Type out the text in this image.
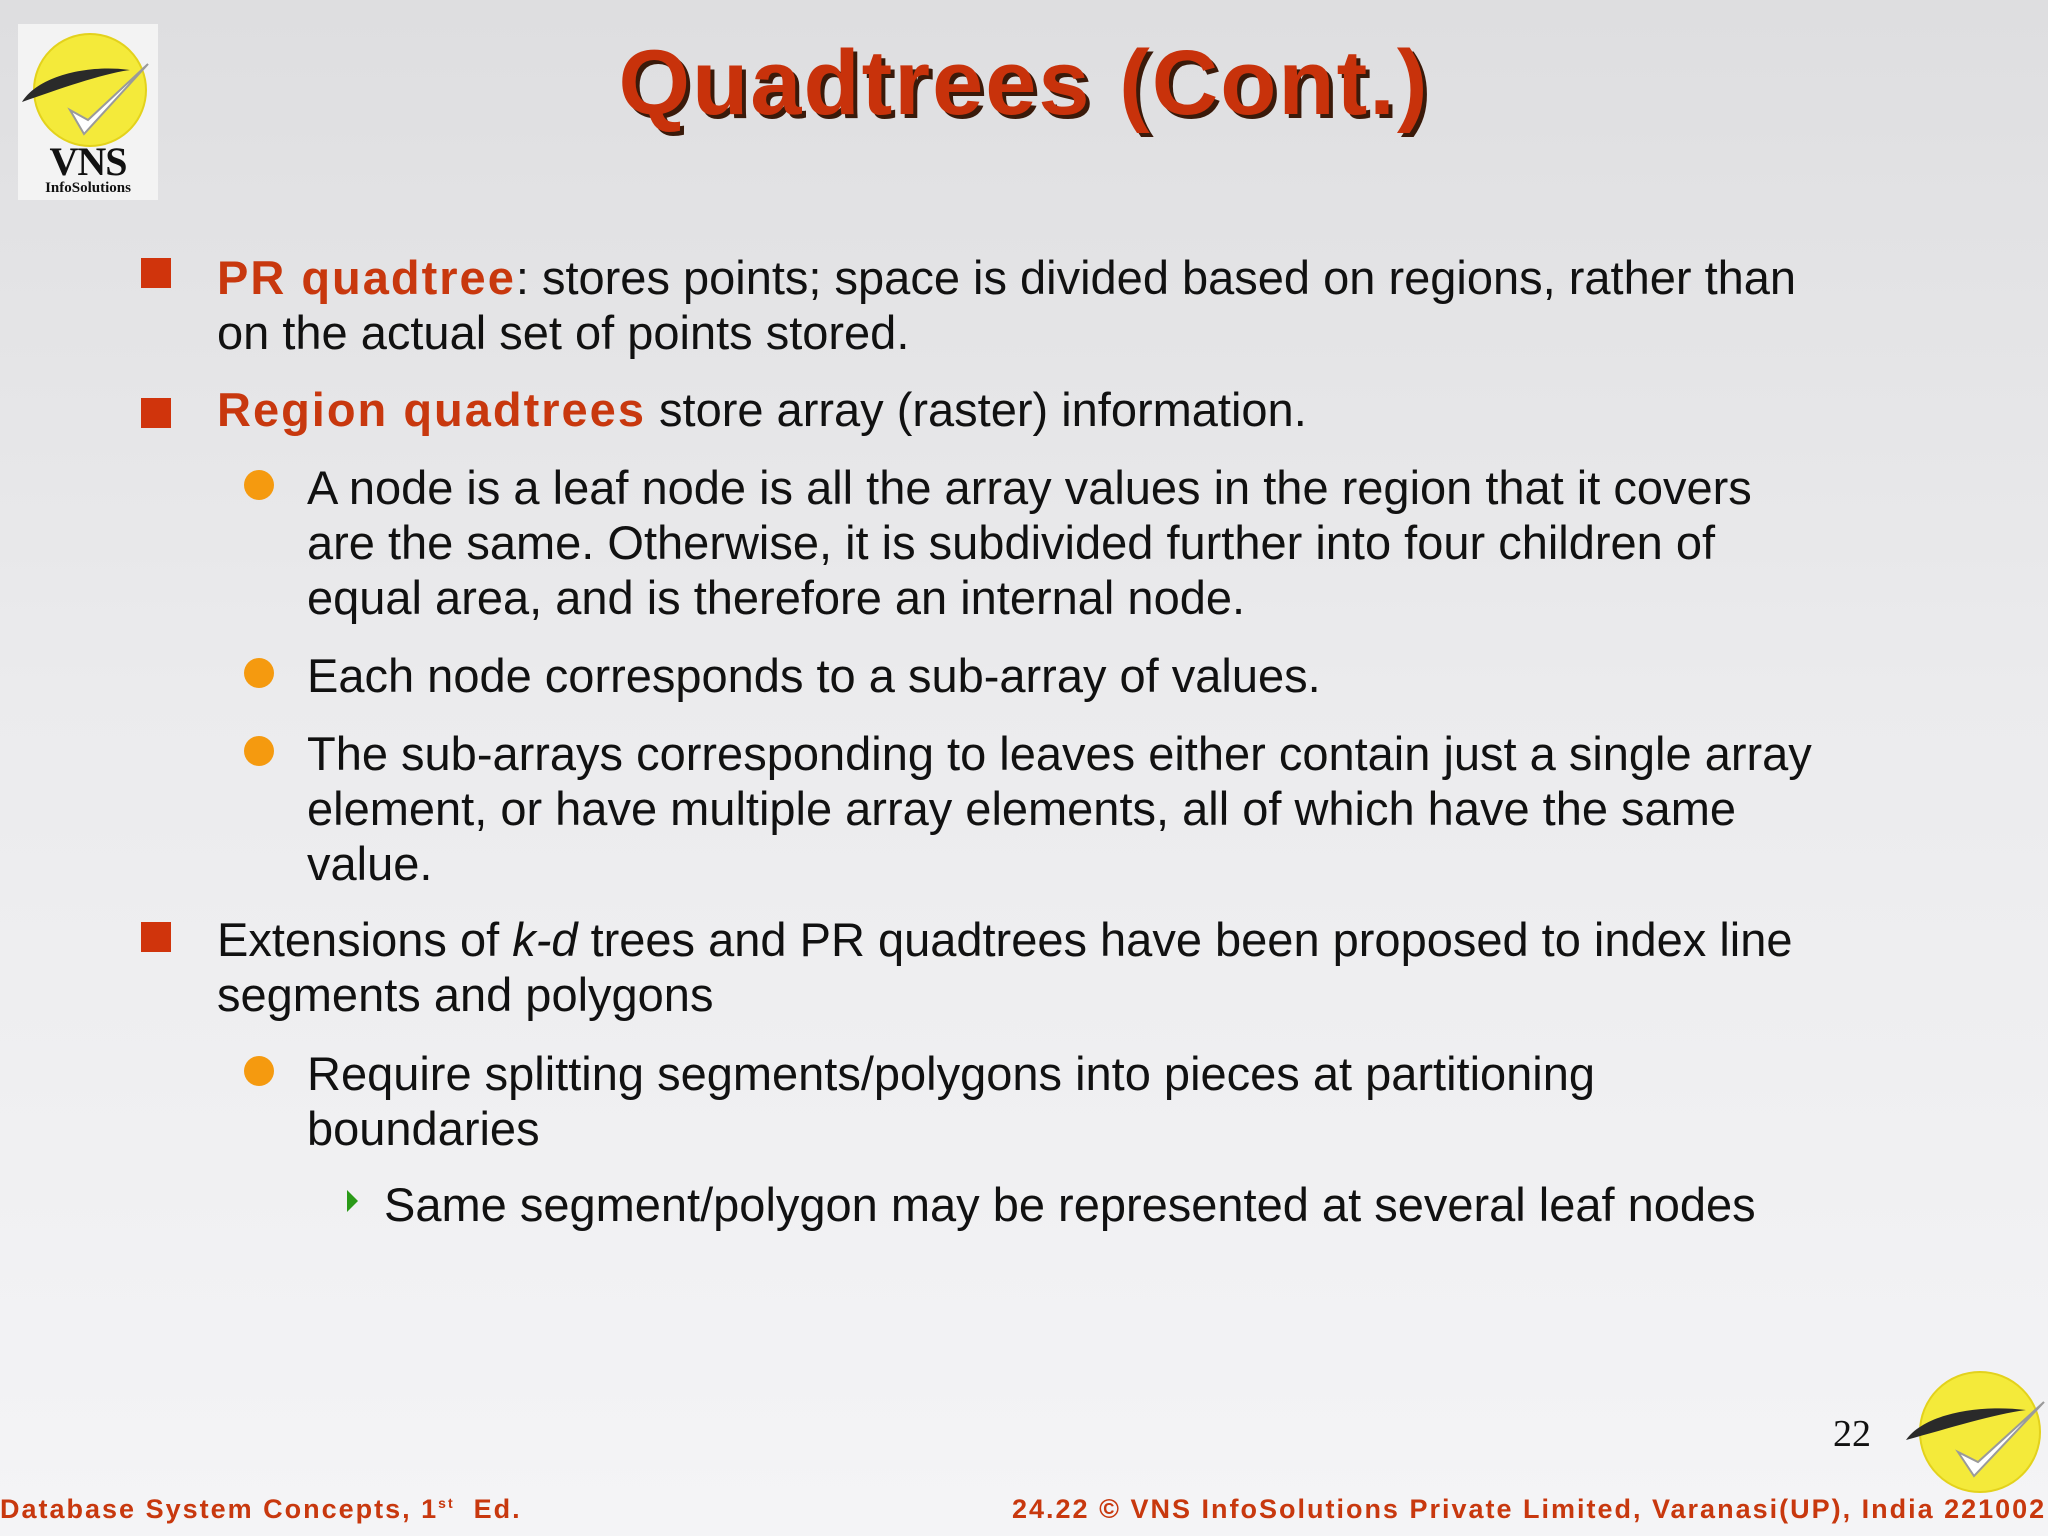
VNS
InfoSolutions
Quadtrees (Cont.)
PR quadtree: stores points; space is divided based on regions, rather than on the actual set of points stored.
Region quadtrees store array (raster) information.
A node is a leaf node is all the array values in the region that it covers are the same. Otherwise, it is subdivided further into four children of equal area, and is therefore an internal node.
Each node corresponds to a sub-array of values.
The sub-arrays corresponding to leaves either contain just a single array element, or have multiple array elements, all of which have the same value.
Extensions of k-d trees and PR quadtrees have been proposed to index line segments and polygons
Require splitting segments/polygons into pieces at partitioning boundaries
Same segment/polygon may be represented at several leaf nodes
22
Database System Concepts, 1st  Ed.	24.22 © VNS InfoSolutions Private Limited, Varanasi(UP), India 221002
